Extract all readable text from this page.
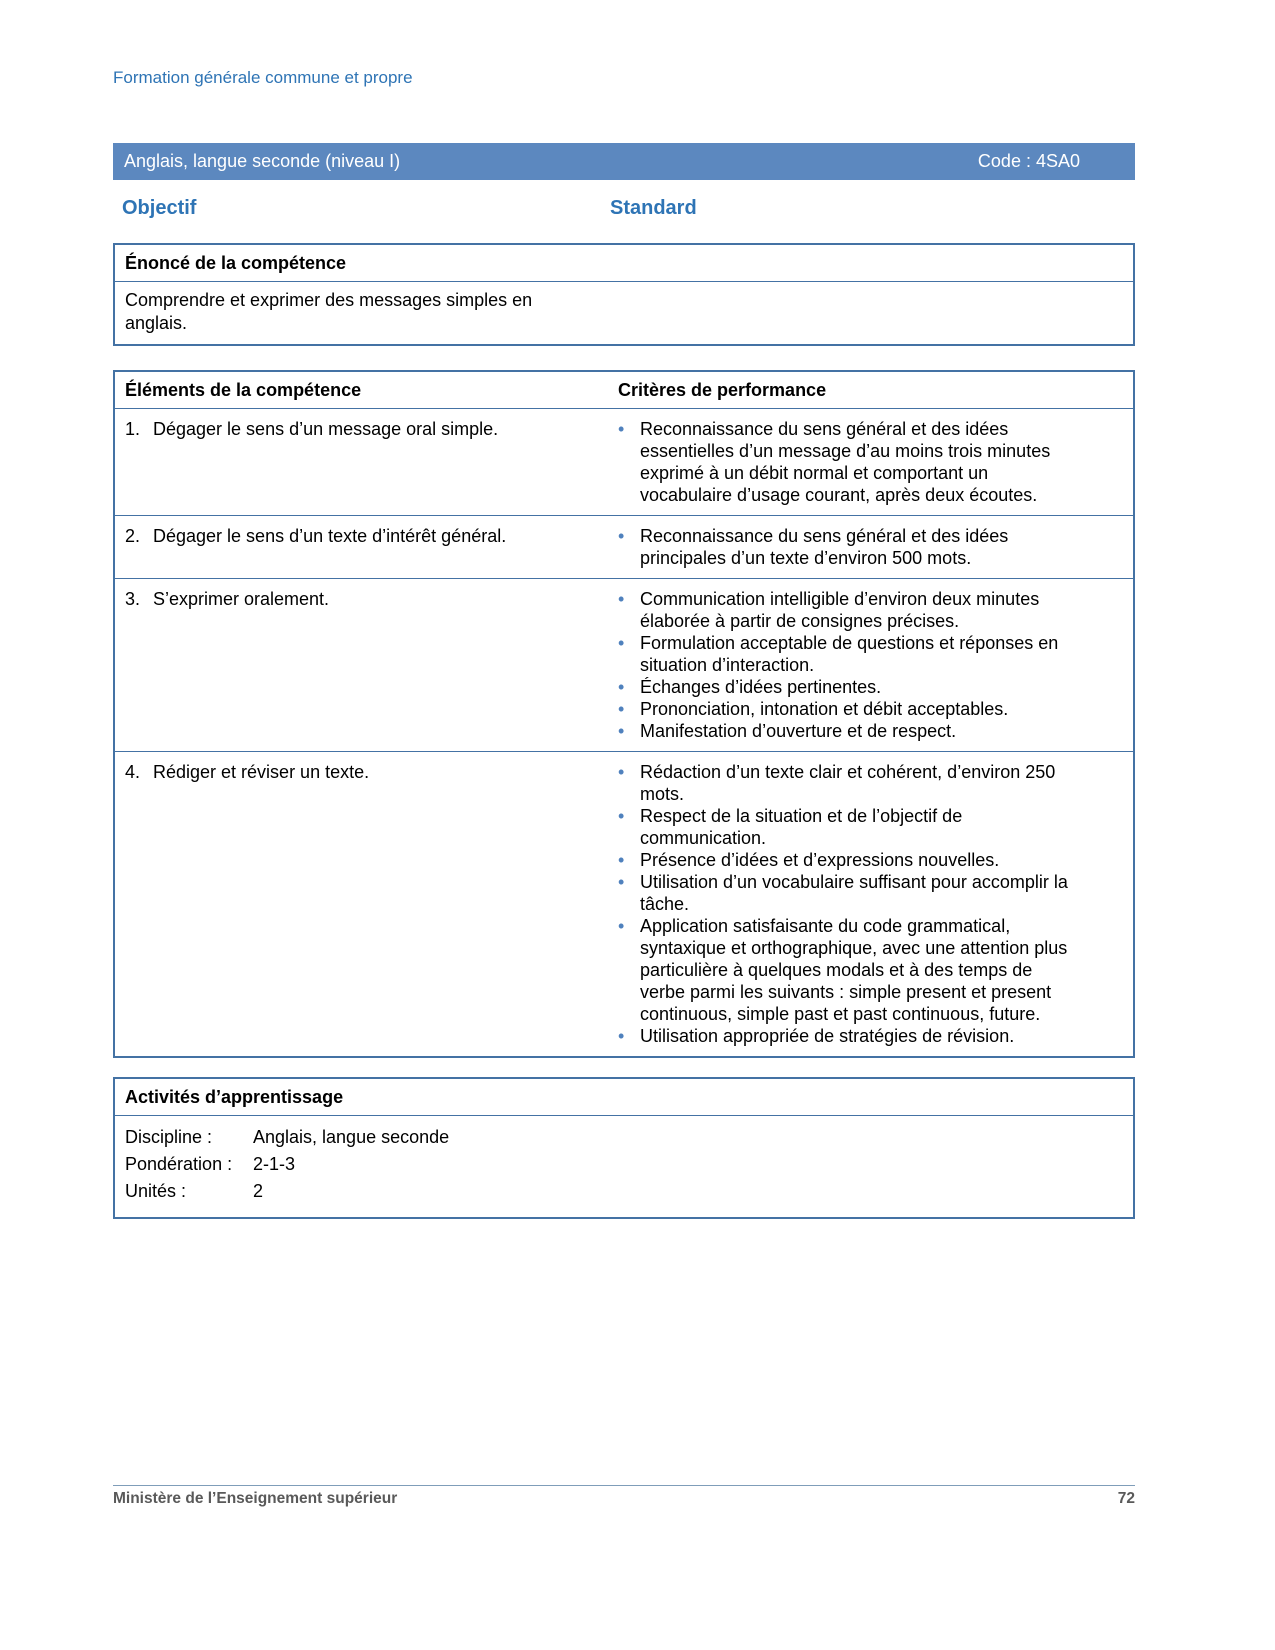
Formation générale commune et propre
Anglais, langue seconde (niveau I)	Code : 4SA0
Objectif	Standard
Énoncé de la compétence
Comprendre et exprimer des messages simples en anglais.
Éléments de la compétence	Critères de performance
1. Dégager le sens d’un message oral simple.	• Reconnaissance du sens général et des idées essentielles d’un message d’au moins trois minutes exprimé à un débit normal et comportant un vocabulaire d’usage courant, après deux écoutes.
2. Dégager le sens d’un texte d’intérêt général.	• Reconnaissance du sens général et des idées principales d’un texte d’environ 500 mots.
3. S’exprimer oralement.	• Communication intelligible d’environ deux minutes élaborée à partir de consignes précises.
• Formulation acceptable de questions et réponses en situation d’interaction.
• Échanges d’idées pertinentes.
• Prononciation, intonation et débit acceptables.
• Manifestation d’ouverture et de respect.
4. Rédiger et réviser un texte.	• Rédaction d’un texte clair et cohérent, d’environ 250 mots.
• Respect de la situation et de l’objectif de communication.
• Présence d’idées et d’expressions nouvelles.
• Utilisation d’un vocabulaire suffisant pour accomplir la tâche.
• Application satisfaisante du code grammatical, syntaxique et orthographique, avec une attention plus particulière à quelques modals et à des temps de verbe parmi les suivants : simple present et present continuous, simple past et past continuous, future.
• Utilisation appropriée de stratégies de révision.
Activités d’apprentissage
Discipline :	Anglais, langue seconde
Pondération :	2-1-3
Unités :	2
Ministère de l’Enseignement supérieur	72
